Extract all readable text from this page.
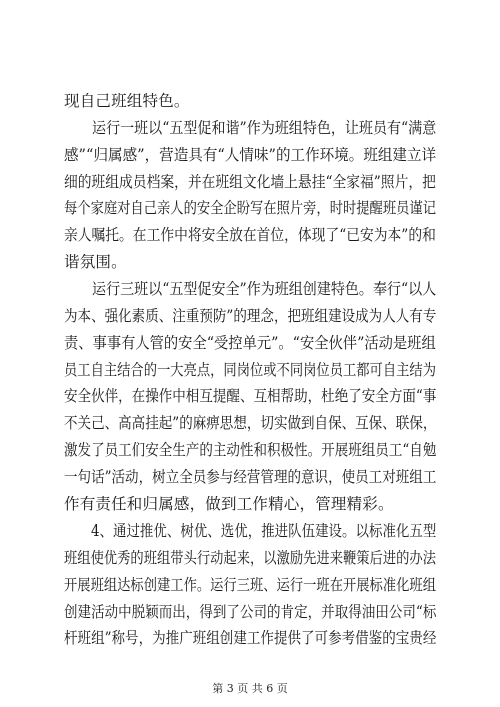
现自己班组特色。
　　运行一班以“五型促和谐”作为班组特色，让班员有“满意
感”“归属感”，营造具有“人情味”的工作环境。班组建立详
细的班组成员档案，并在班组文化墙上悬挂“全家福”照片，把
每个家庭对自己亲人的安全企盼写在照片旁，时时提醒班员谨记
亲人嘱托。在工作中将安全放在首位，体现了“已安为本”的和
谐氛围。
　　运行三班以“五型促安全”作为班组创建特色。奉行“以人
为本、强化素质、注重预防”的理念，把班组建设成为人人有专
责、事事有人管的安全“受控单元”。“安全伙伴”活动是班组
员工自主结合的一大亮点，同岗位或不同岗位员工都可自主结为
安全伙伴，在操作中相互提醒、互相帮助，杜绝了安全方面“事
不关己、高高挂起”的麻痹思想，切实做到自保、互保、联保，
激发了员工们安全生产的主动性和积极性。开展班组员工“自勉
一句话”活动，树立全员参与经营管理的意识，使员工对班组工
作有责任和归属感，做到工作精心，管理精彩。
　　4、通过推优、树优、选优，推进队伍建设。以标准化五型
班组使优秀的班组带头行动起来，以激励先进来鞭策后进的办法
开展班组达标创建工作。运行三班、运行一班在开展标准化班组
创建活动中脱颖而出，得到了公司的肯定，并取得油田公司“标
杆班组”称号，为推广班组创建工作提供了可参考借鉴的宝贵经
第 3 页 共 6 页
